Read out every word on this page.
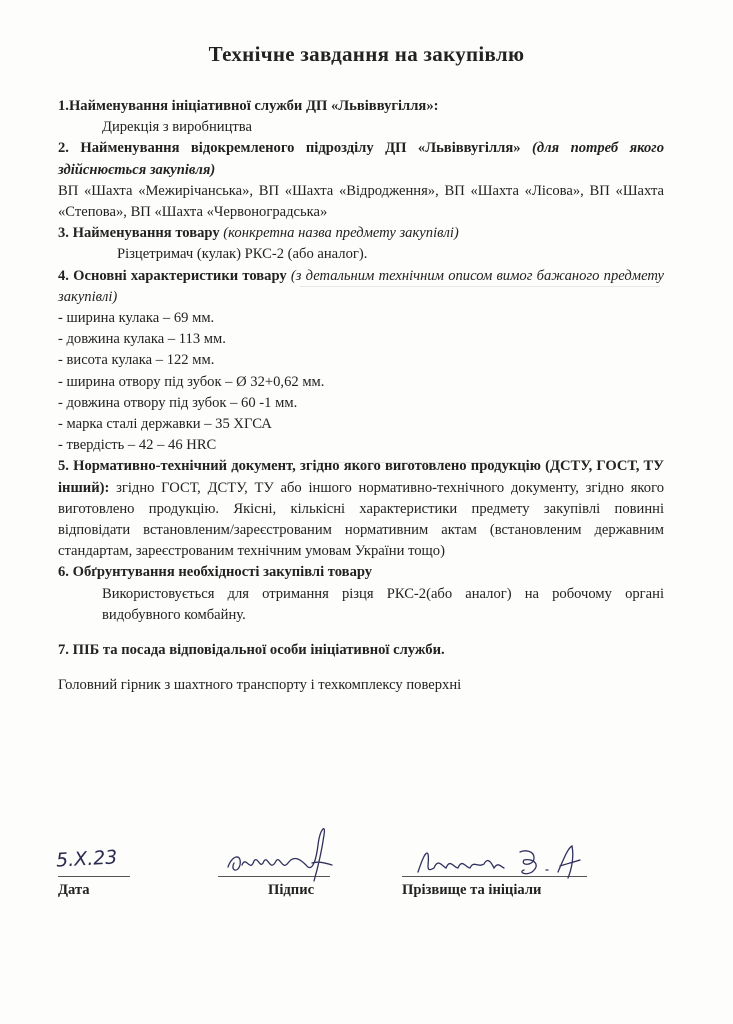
Технічне завдання на закупівлю

1.Найменування ініціативної служби ДП «Львіввугілля»:

Дирекція з виробництва

2. Найменування відокремленого підрозділу ДП «Львіввугілля» (для потреб якого здійснюється закупівля)

ВП «Шахта «Межирічанська», ВП «Шахта «Відродження», ВП «Шахта «Лісова», ВП «Шахта «Степова», ВП «Шахта «Червоноградська»

3. Найменування товару (конкретна назва предмету закупівлі)

Різцетримач (кулак) РКС-2 (або аналог).

4. Основні характеристики товару (з детальним технічним описом вимог бажаного предмету закупівлі)

- ширина кулака – 69 мм.

- довжина кулака – 113 мм.

- висота кулака – 122 мм.

- ширина отвору під зубок – Ø 32+0,62 мм.

- довжина отвору під зубок – 60 -1 мм.

- марка сталі державки – 35 ХГСА

- твердість – 42 – 46 HRC

5. Нормативно-технічний документ, згідно якого виготовлено продукцію (ДСТУ, ГОСТ, ТУ інший): згідно ГОСТ, ДСТУ, ТУ або іншого нормативно-технічного документу, згідно якого виготовлено продукцію. Якісні, кількісні характеристики предмету закупівлі повинні відповідати встановленим/зареєстрованим нормативним актам (встановленим державним стандартам, зареєстрованим технічним умовам України тощо)

6. Обґрунтування необхідності закупівлі товару

Використовується для отримання різця РКС-2(або аналог) на робочому органі видобувного комбайну.

7. ПІБ та посада відповідальної особи ініціативної служби.

Головний гірник з шахтного транспорту і техкомплексу поверхні

5.Х.23
Дата	Підпис	Прізвище та ініціали
